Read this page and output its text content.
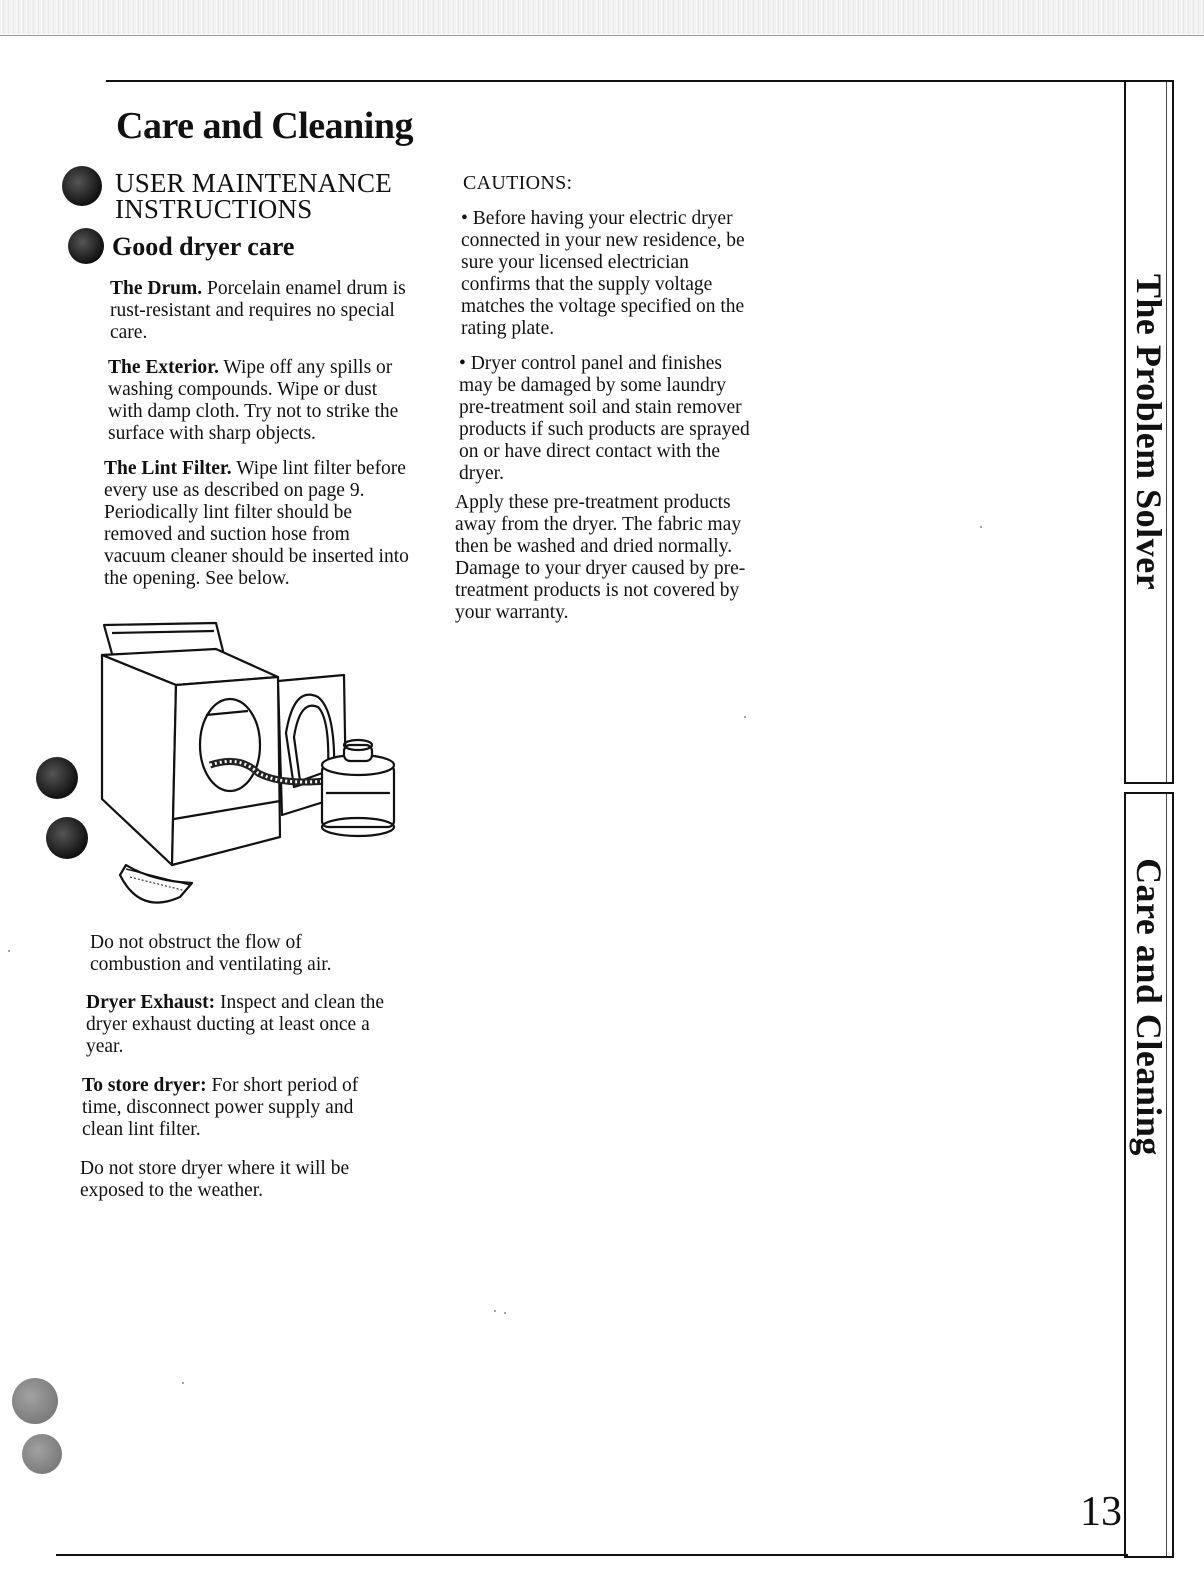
Care and Cleaning
USER MAINTENANCE
INSTRUCTIONS
Good dryer care

The Drum. Porcelain enamel drum is rust-resistant and requires no special care.

The Exterior. Wipe off any spills or washing compounds. Wipe or dust with damp cloth. Try not to strike the surface with sharp objects.

The Lint Filter. Wipe lint filter before every use as described on page 9. Periodically lint filter should be removed and suction hose from vacuum cleaner should be inserted into the opening. See below.

Do not obstruct the flow of combustion and ventilating air.

Dryer Exhaust: Inspect and clean the dryer exhaust ducting at least once a year.

To store dryer: For short period of time, disconnect power supply and clean lint filter.

Do not store dryer where it will be exposed to the weather.

CAUTIONS:

• Before having your electric dryer connected in your new residence, be sure your licensed electrician confirms that the supply voltage matches the voltage specified on the rating plate.

• Dryer control panel and finishes may be damaged by some laundry pre-treatment soil and stain remover products if such products are sprayed on or have direct contact with the dryer.

Apply these pre-treatment products away from the dryer. The fabric may then be washed and dried normally. Damage to your dryer caused by pre-treatment products is not covered by your warranty.

The Problem Solver
Care and Cleaning
13
